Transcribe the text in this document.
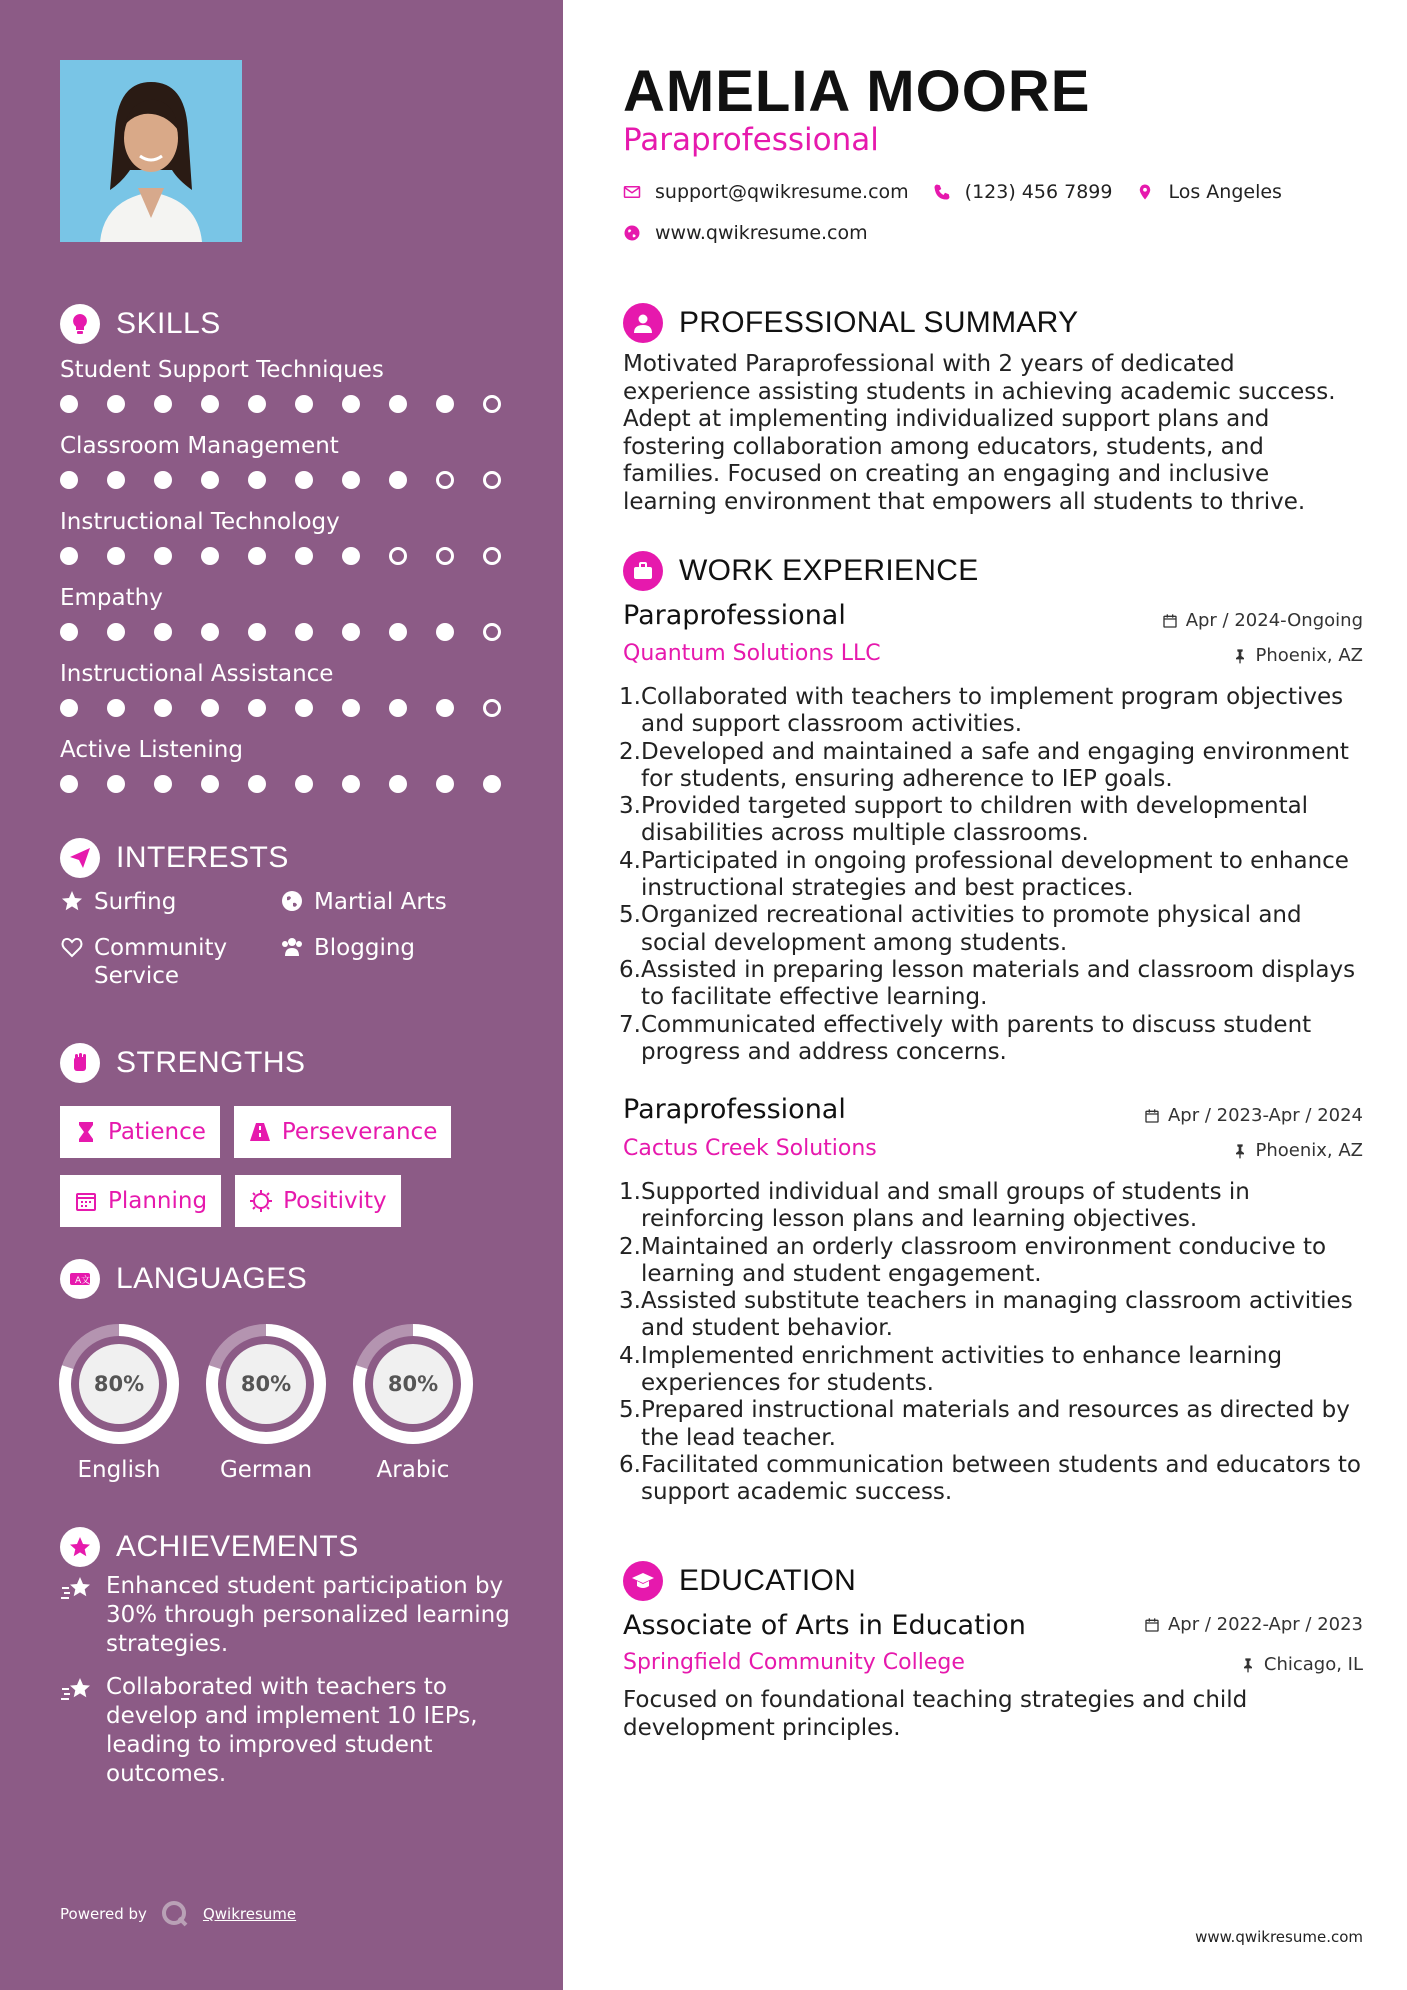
SKILLS
Student Support Techniques
Classroom Management
Instructional Technology
Empathy
Instructional Assistance
Active Listening
INTERESTS
Surfing	Martial Arts
Community Service
Blogging
STRENGTHS
Patience	Perseverance
Planning	Positivity
A 文 LANGUAGES
80%
English
80%
German
80%
Arabic
ACHIEVEMENTS
Enhanced student participation by 30% through personalized learning strategies.
Collaborated with teachers to develop and implement 10 IEPs, leading to improved student outcomes.
Powered by	Qwikresume
AMELIA MOORE
Paraprofessional
support@qwikresume.com	(123) 456 7899	Los Angeles
www.qwikresume.com
PROFESSIONAL SUMMARY
Motivated Paraprofessional with 2 years of dedicated experience assisting students in achieving academic success. Adept at implementing individualized support plans and fostering collaboration among educators, students, and families. Focused on creating an engaging and inclusive learning environment that empowers all students to thrive.
WORK EXPERIENCE
Paraprofessional	Apr / 2024-Ongoing
Quantum Solutions LLC	Phoenix, AZ
Collaborated with teachers to implement program objectives and support classroom activities.
Developed and maintained a safe and engaging environment for students, ensuring adherence to IEP goals.
Provided targeted support to children with developmental disabilities across multiple classrooms.
Participated in ongoing professional development to enhance instructional strategies and best practices.
Organized recreational activities to promote physical and social development among students.
Assisted in preparing lesson materials and classroom displays to facilitate effective learning.
Communicated effectively with parents to discuss student progress and address concerns.
Paraprofessional	Apr / 2023-Apr / 2024
Cactus Creek Solutions	Phoenix, AZ
Supported individual and small groups of students in reinforcing lesson plans and learning objectives.
Maintained an orderly classroom environment conducive to learning and student engagement.
Assisted substitute teachers in managing classroom activities and student behavior.
Implemented enrichment activities to enhance learning experiences for students.
Prepared instructional materials and resources as directed by the lead teacher.
Facilitated communication between students and educators to support academic success.
EDUCATION
Associate of Arts in Education	Apr / 2022-Apr / 2023
Springfield Community College	Chicago, IL
Focused on foundational teaching strategies and child development principles.
www.qwikresume.com
